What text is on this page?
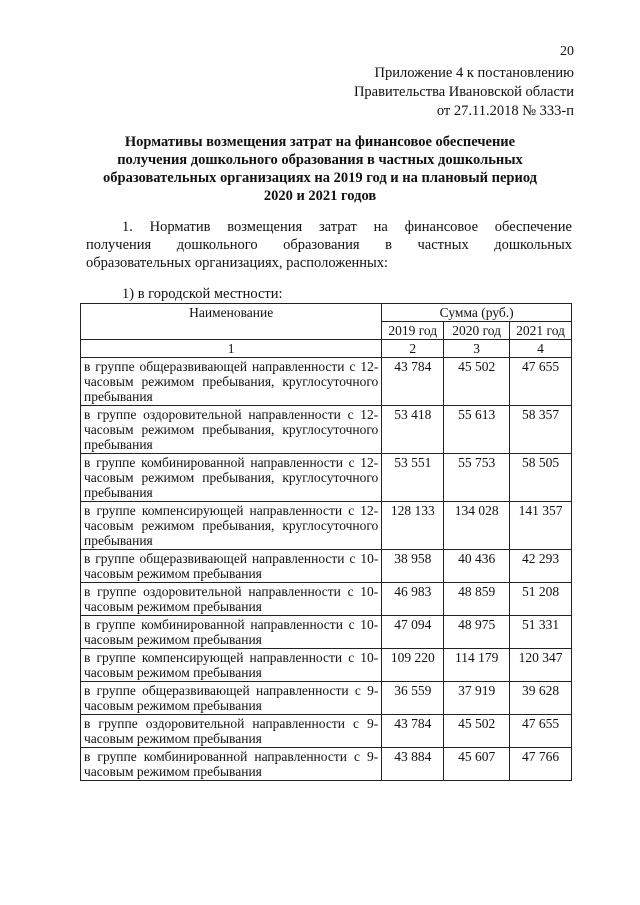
20
Приложение 4 к постановлению
Правительства Ивановской области
от 27.11.2018 № 333-п
Нормативы возмещения затрат на финансовое обеспечение получения дошкольного образования в частных дошкольных образовательных организациях на 2019 год и на плановый период 2020 и 2021 годов
1. Норматив возмещения затрат на финансовое обеспечение
получения дошкольного образования в частных дошкольных
образовательных организациях, расположенных:
1) в городской местности:
Наименование	Сумма (руб.)		
	2019 год	2020 год	2021 год
1	2	3	4
в группе общеразвивающей направленности с 12-часовым режимом пребывания, круглосуточного пребывания	43 784	45 502	47 655
в группе оздоровительной направленности с 12-часовым режимом пребывания, круглосуточного пребывания	53 418	55 613	58 357
в группе комбинированной направленности с 12-часовым режимом пребывания, круглосуточного пребывания	53 551	55 753	58 505
в группе компенсирующей направленности с 12-часовым режимом пребывания, круглосуточного пребывания	128 133	134 028	141 357
в группе общеразвивающей направленности с 10-часовым режимом пребывания	38 958	40 436	42 293
в группе оздоровительной направленности с 10-часовым режимом пребывания	46 983	48 859	51 208
в группе комбинированной направленности с 10-часовым режимом пребывания	47 094	48 975	51 331
в группе компенсирующей направленности с 10-часовым режимом пребывания	109 220	114 179	120 347
в группе общеразвивающей направленности с 9-часовым режимом пребывания	36 559	37 919	39 628
в группе оздоровительной направленности с 9-часовым режимом пребывания	43 784	45 502	47 655
в группе комбинированной направленности с 9-часовым режимом пребывания	43 884	45 607	47 766
